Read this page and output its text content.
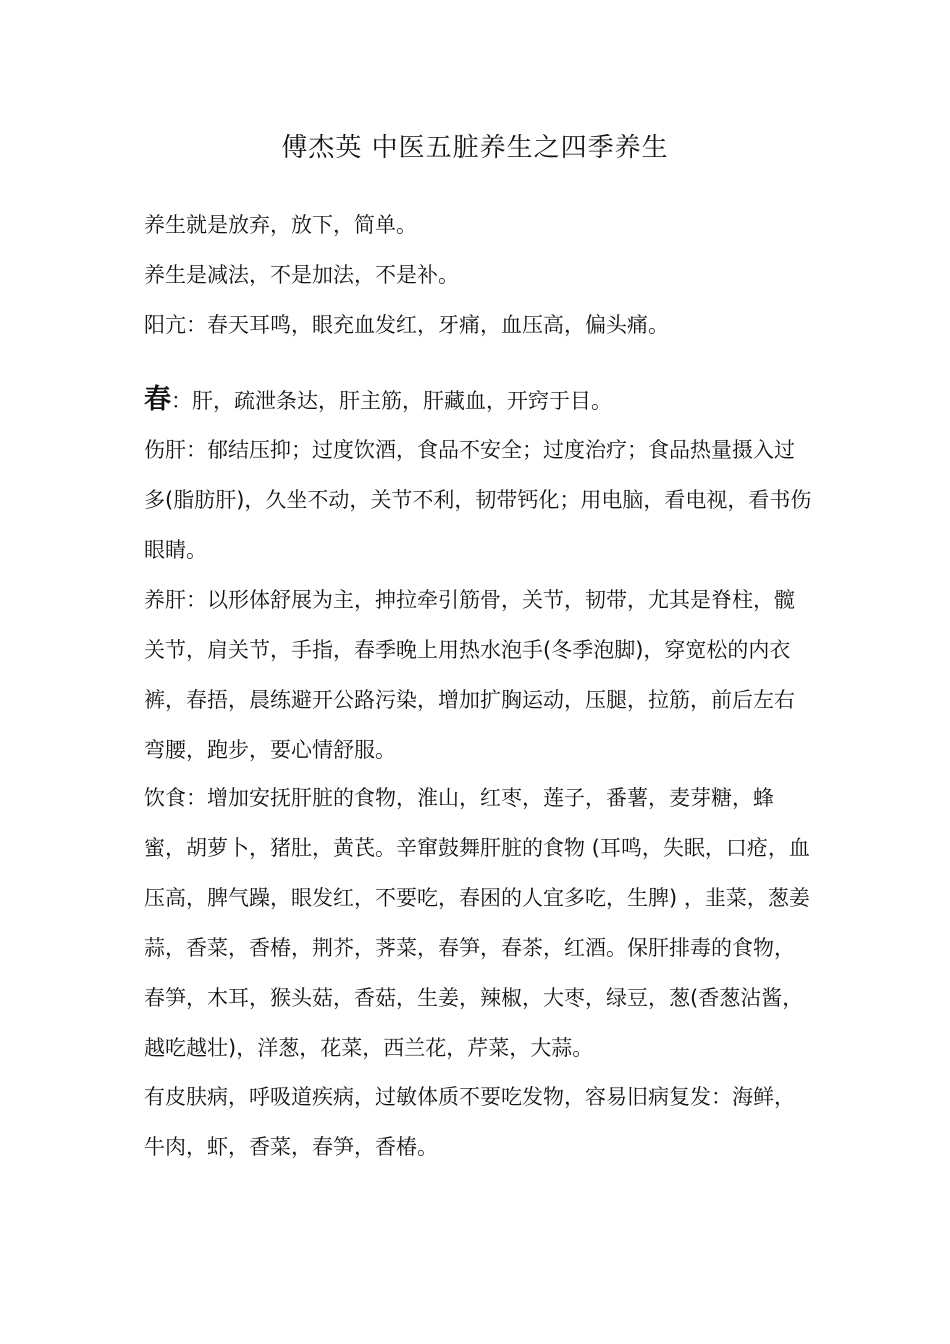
傅杰英 中医五脏养生之四季养生

养生就是放弃，放下，简单。

养生是减法，不是加法，不是补。

阳亢：春天耳鸣，眼充血发红，牙痛，血压高，偏头痛。

春：肝，疏泄条达，肝主筋，肝藏血，开窍于目。

伤肝：郁结压抑；过度饮酒，食品不安全；过度治疗；食品热量摄入过多(脂肪肝)，久坐不动，关节不利，韧带钙化；用电脑，看电视，看书伤眼睛。

养肝：以形体舒展为主，抻拉牵引筋骨，关节，韧带，尤其是脊柱，髋关节，肩关节，手指，春季晚上用热水泡手(冬季泡脚)，穿宽松的内衣裤，春捂，晨练避开公路污染，增加扩胸运动，压腿，拉筋，前后左右弯腰，跑步，要心情舒服。

饮食：增加安抚肝脏的食物，淮山，红枣，莲子，番薯，麦芽糖，蜂蜜，胡萝卜，猪肚，黄芪。辛窜鼓舞肝脏的食物 (耳鸣，失眠，口疮，血压高，脾气躁，眼发红，不要吃，春困的人宜多吃，生脾) ，韭菜，葱姜蒜，香菜，香椿，荆芥，荠菜，春笋，春茶，红酒。保肝排毒的食物，春笋，木耳，猴头菇，香菇，生姜，辣椒，大枣，绿豆，葱(香葱沾酱，越吃越壮)，洋葱，花菜，西兰花，芹菜，大蒜。

有皮肤病，呼吸道疾病，过敏体质不要吃发物，容易旧病复发：海鲜，牛肉，虾，香菜，春笋，香椿。
